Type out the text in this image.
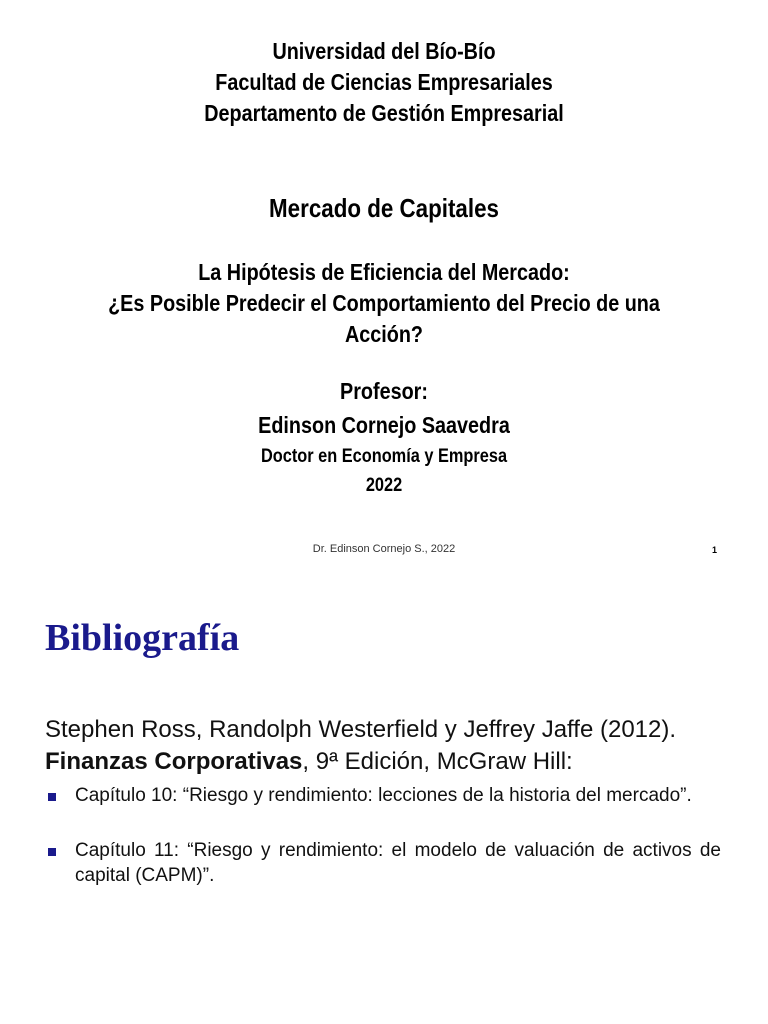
Universidad del Bío-Bío
Facultad de Ciencias Empresariales
Departamento de Gestión Empresarial
Mercado de Capitales
La Hipótesis de Eficiencia del Mercado:
¿Es Posible Predecir el Comportamiento del Precio de una
Acción?
Profesor:
Edinson Cornejo Saavedra
Doctor en Economía y Empresa
2022
Dr. Edinson Cornejo S., 2022	1
Bibliografía
Stephen Ross, Randolph Westerfield y Jeffrey Jaffe (2012).
Finanzas Corporativas, 9ª Edición, McGraw Hill:
Capítulo 10: “Riesgo y rendimiento: lecciones de la historia del mercado”.
Capítulo 11: “Riesgo y rendimiento: el modelo de valuación de activos de capital (CAPM)”.
